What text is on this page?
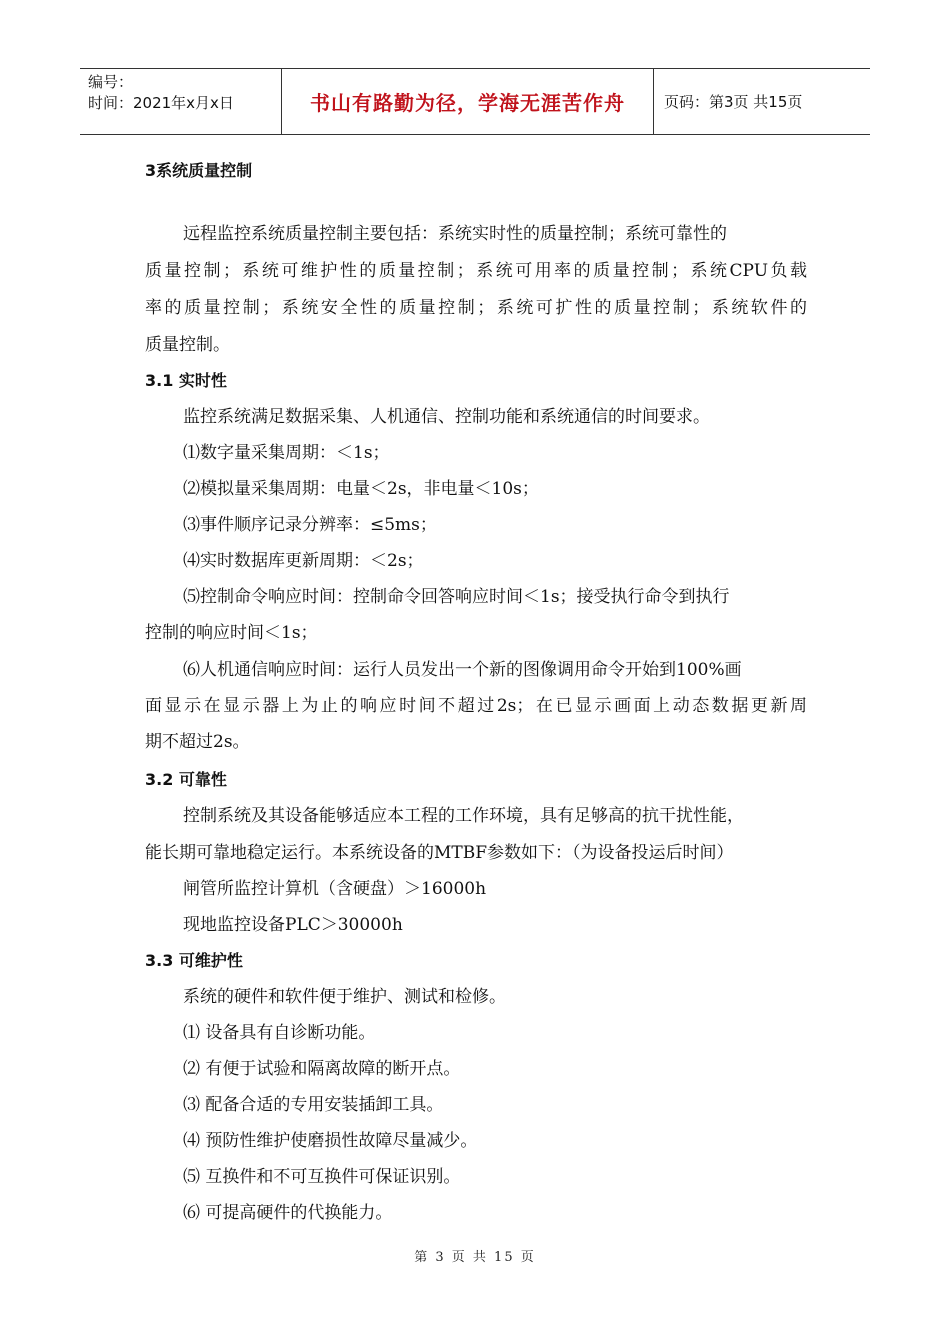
编号：
时间：2021年x月x日	书山有路勤为径，学海无涯苦作舟	页码：第3页 共15页
3系统质量控制
远程监控系统质量控制主要包括：系统实时性的质量控制；系统可靠性的
质量控制；系统可维护性的质量控制；系统可用率的质量控制；系统CPU负载
率的质量控制；系统安全性的质量控制；系统可扩性的质量控制；系统软件的
质量控制。
3.1 实时性
监控系统满足数据采集、人机通信、控制功能和系统通信的时间要求。
⑴数字量采集周期：＜1s；
⑵模拟量采集周期：电量＜2s，非电量＜10s；
⑶事件顺序记录分辨率：≤5ms；
⑷实时数据库更新周期：＜2s；
⑸控制命令响应时间：控制命令回答响应时间＜1s；接受执行命令到执行
控制的响应时间＜1s；
⑹人机通信响应时间：运行人员发出一个新的图像调用命令开始到100%画
面显示在显示器上为止的响应时间不超过2s；在已显示画面上动态数据更新周
期不超过2s。
3.2 可靠性
控制系统及其设备能够适应本工程的工作环境，具有足够高的抗干扰性能，
能长期可靠地稳定运行。本系统设备的MTBF参数如下：（为设备投运后时间）
闸管所监控计算机（含硬盘）＞16000h
现地监控设备PLC＞30000h
3.3 可维护性
系统的硬件和软件便于维护、测试和检修。
⑴ 设备具有自诊断功能。
⑵ 有便于试验和隔离故障的断开点。
⑶ 配备合适的专用安装插卸工具。
⑷ 预防性维护使磨损性故障尽量减少。
⑸ 互换件和不可互换件可保证识别。
⑹ 可提高硬件的代换能力。
第 3 页 共 15 页
